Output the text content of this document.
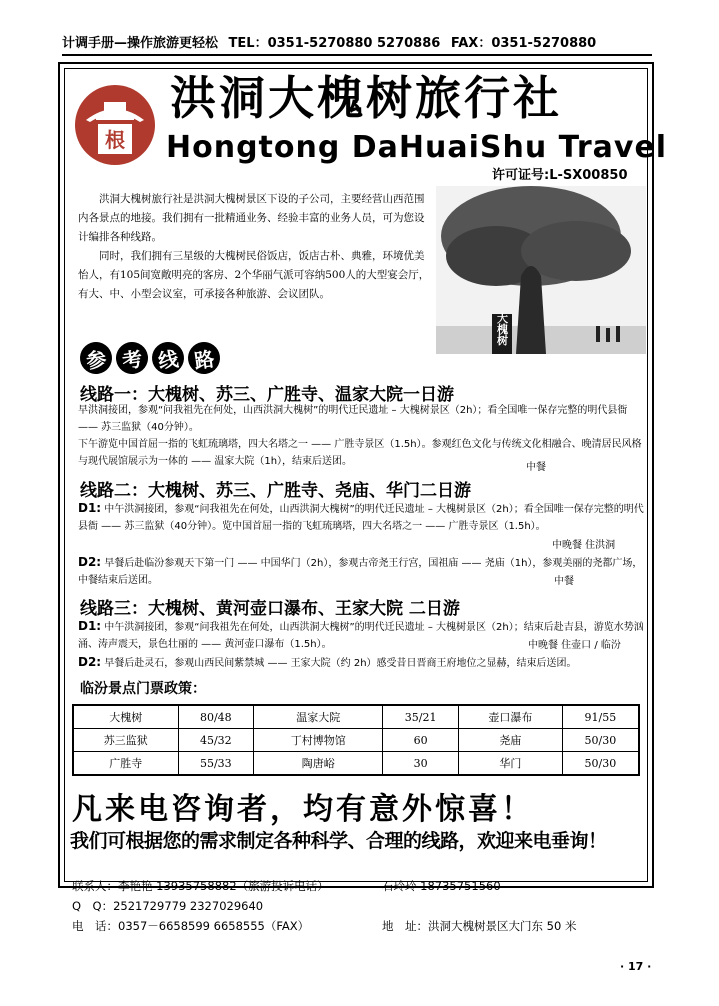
计调手册—操作旅游更轻松 TEL：0351-5270880 5270886 FAX：0351-5270880
根
洪洞大槐树旅行社
Hongtong DaHuaiShu Travel
许可证号:L-SX00850

洪洞大槐树旅行社是洪洞大槐树景区下设的子公司，主要经营山西范围内各景点的地接。我们拥有一批精通业务、经验丰富的业务人员，可为您设计编排各种线路。

同时，我们拥有三星级的大槐树民俗饭店，饭店古朴、典雅，环境优美怡人，有105间宽敞明亮的客房、2个华丽气派可容纳500人的大型宴会厅，有大、中、小型会议室，可承接各种旅游、会议团队。

大槐树
参 考 线 路
线路一：大槐树、苏三、广胜寺、温家大院一日游
早洪洞接团，参观“问我祖先在何处，山西洪洞大槐树”的明代迁民遗址 – 大槐树景区（2h）；看全国唯一保存完整的明代县衙 —— 苏三监狱（40分钟）。
下午游览中国首屈一指的飞虹琉璃塔，四大名塔之一 —— 广胜寺景区（1.5h）。参观红色文化与传统文化相融合、晚清居民风格与现代展馆展示为一体的 —— 温家大院（1h），结束后送团。
中餐
线路二：大槐树、苏三、广胜寺、尧庙、华门二日游
D1: 中午洪洞接团，参观“问我祖先在何处，山西洪洞大槐树”的明代迁民遗址 – 大槐树景区（2h）；看全国唯一保存完整的明代县衙 —— 苏三监狱（40分钟）。览中国首屈一指的飞虹琉璃塔，四大名塔之一 —— 广胜寺景区（1.5h）。
中晚餐 住洪洞
D2: 早餐后赴临汾参观天下第一门 —— 中国华门（2h），参观古帝尧王行宫，国祖庙 —— 尧庙（1h），参观美丽的尧都广场，中餐结束后送团。	中餐
线路三：大槐树、黄河壶口瀑布、王家大院 二日游
D1: 中午洪洞接团，参观“问我祖先在何处，山西洪洞大槐树”的明代迁民遗址 – 大槐树景区（2h）；结束后赴吉县，游览水势汹涌、涛声震天，景色壮丽的 —— 黄河壶口瀑布（1.5h）。	中晚餐 住壶口 / 临汾
D2: 早餐后赴灵石，参观山西民间紫禁城 —— 王家大院（约 2h）感受昔日晋商王府地位之显赫，结束后送团。
临汾景点门票政策：
大槐树	80/48	温家大院	35/21	壶口瀑布	91/55
苏三监狱	45/32	丁村博物馆	60	尧庙	50/30
广胜寺	55/33	陶唐峪	30	华门	50/30
凡来电咨询者，均有意外惊喜！
我们可根据您的需求制定各种科学、合理的线路，欢迎来电垂询！
联系人：李艳艳 13935758882（旅游投诉电话）	石玲玲 18735751560
Q　Q：2521729779 2327029640
电　话：0357－6658599 6658555（FAX）	地　址：洪洞大槐树景区大门东 50 米
· 17 ·
